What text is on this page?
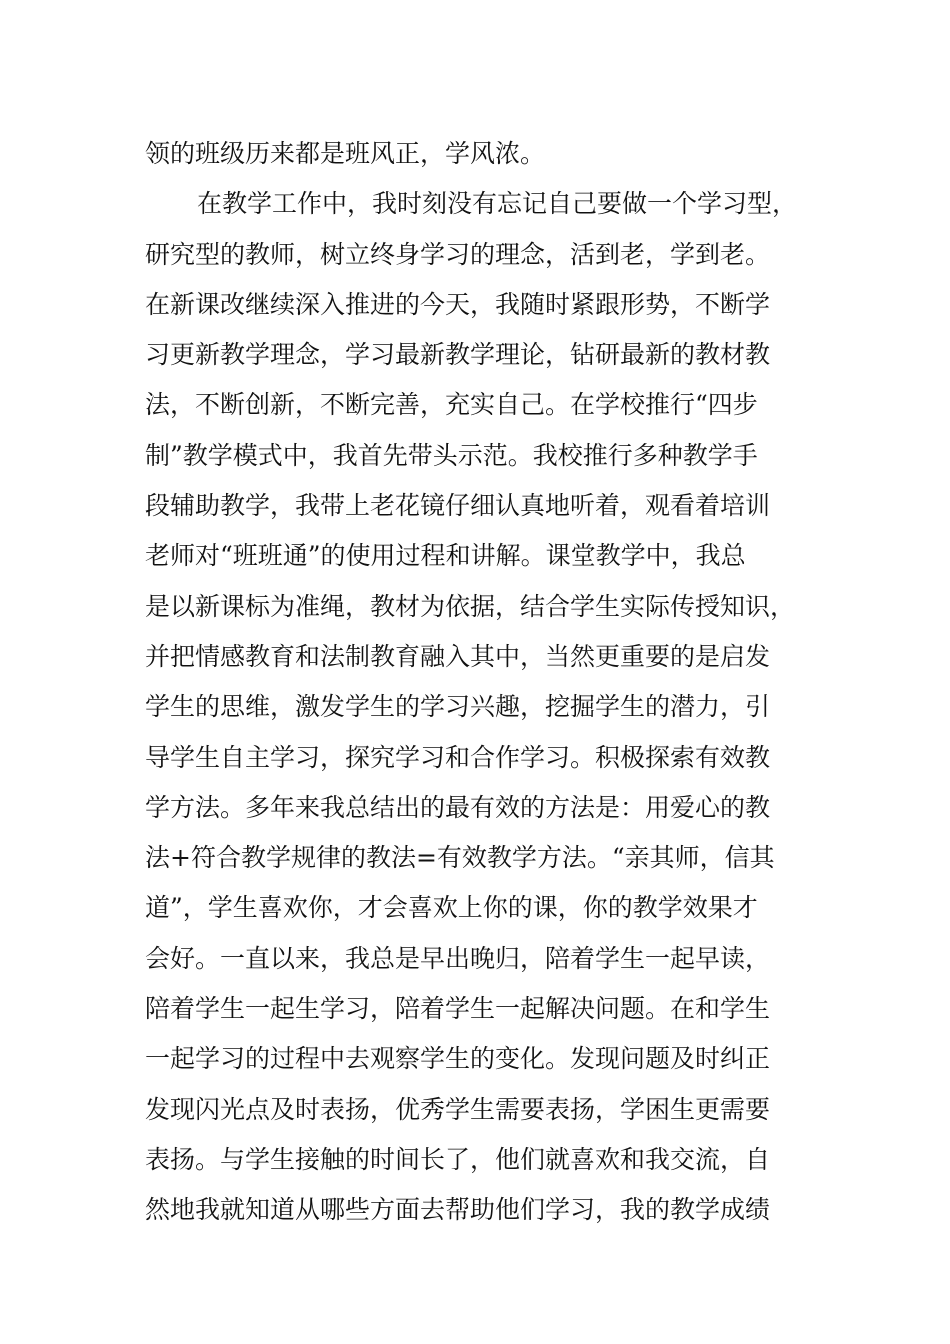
领的班级历来都是班风正，学风浓。
在教学工作中，我时刻没有忘记自己要做一个学习型，
研究型的教师，树立终身学习的理念，活到老，学到老。
在新课改继续深入推进的今天，我随时紧跟形势，不断学
习更新教学理念，学习最新教学理论，钻研最新的教材教
法，不断创新，不断完善，充实自己。在学校推行“四步
制”教学模式中，我首先带头示范。我校推行多种教学手
段辅助教学，我带上老花镜仔细认真地听着，观看着培训
老师对“班班通”的使用过程和讲解。课堂教学中，我总
是以新课标为准绳，教材为依据，结合学生实际传授知识，
并把情感教育和法制教育融入其中，当然更重要的是启发
学生的思维，激发学生的学习兴趣，挖掘学生的潜力，引
导学生自主学习，探究学习和合作学习。积极探索有效教
学方法。多年来我总结出的最有效的方法是：用爱心的教
法+符合教学规律的教法=有效教学方法。“亲其师，信其
道”，学生喜欢你，才会喜欢上你的课，你的教学效果才
会好。一直以来，我总是早出晚归，陪着学生一起早读，
陪着学生一起生学习，陪着学生一起解决问题。在和学生
一起学习的过程中去观察学生的变化。发现问题及时纠正
发现闪光点及时表扬，优秀学生需要表扬，学困生更需要
表扬。与学生接触的时间长了，他们就喜欢和我交流，自
然地我就知道从哪些方面去帮助他们学习，我的教学成绩
